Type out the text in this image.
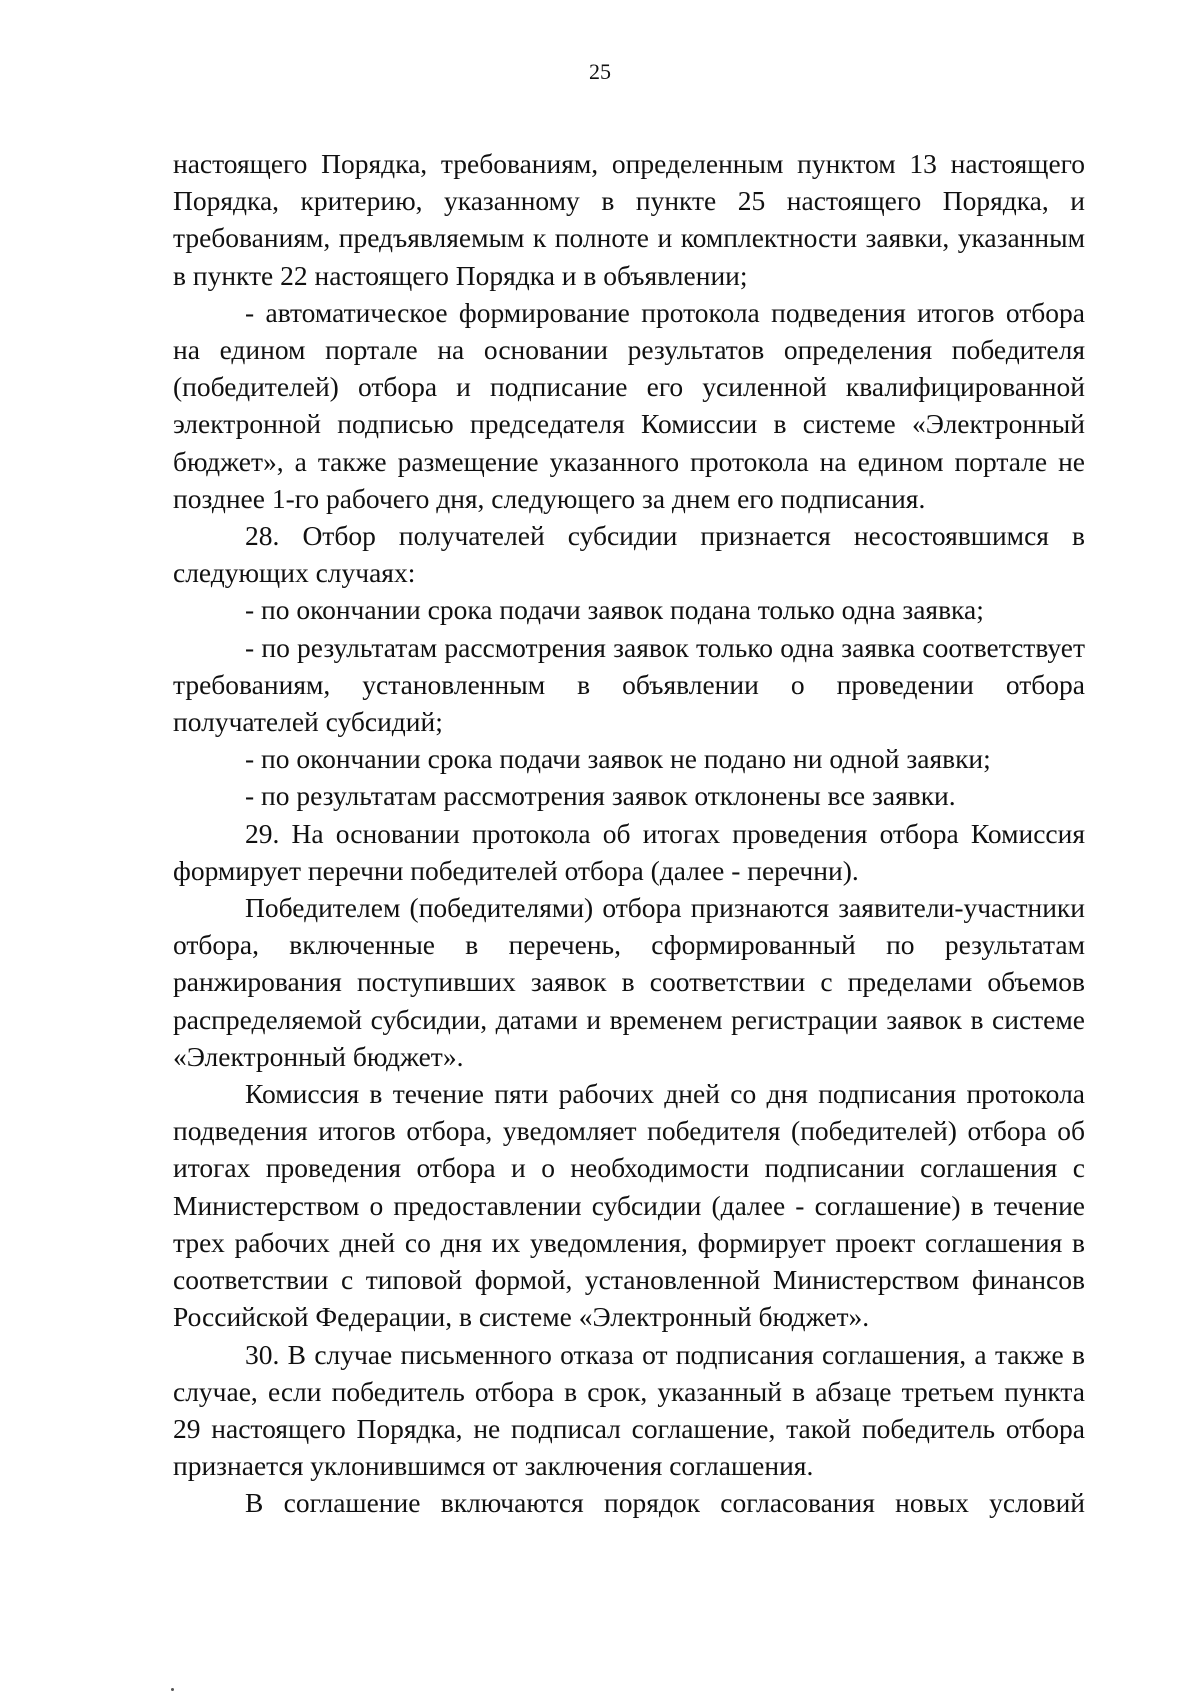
25

настоящего Порядка, требованиям, определенным пунктом 13 настоящего Порядка, критерию, указанному в пункте 25 настоящего Порядка, и требованиям, предъявляемым к полноте и комплектности заявки, указанным в пункте 22 настоящего Порядка и в объявлении;

- автоматическое формирование протокола подведения итогов отбора на едином портале на основании результатов определения победителя (победителей) отбора и подписание его усиленной квалифицированной электронной подписью председателя Комиссии в системе «Электронный бюджет», а также размещение указанного протокола на едином портале не позднее 1-го рабочего дня, следующего за днем его подписания.

28. Отбор получателей субсидии признается несостоявшимся в следующих случаях:

- по окончании срока подачи заявок подана только одна заявка;

- по результатам рассмотрения заявок только одна заявка соответствует требованиям, установленным в объявлении о проведении отбора получателей субсидий;

- по окончании срока подачи заявок не подано ни одной заявки;

- по результатам рассмотрения заявок отклонены все заявки.

29. На основании протокола об итогах проведения отбора Комиссия формирует перечни победителей отбора (далее - перечни).

Победителем (победителями) отбора признаются заявители-участники отбора, включенные в перечень, сформированный по результатам ранжирования поступивших заявок в соответствии с пределами объемов распределяемой субсидии, датами и временем регистрации заявок в системе «Электронный бюджет».

Комиссия в течение пяти рабочих дней со дня подписания протокола подведения итогов отбора, уведомляет победителя (победителей) отбора об итогах проведения отбора и о необходимости подписании соглашения с Министерством о предоставлении субсидии (далее - соглашение) в течение трех рабочих дней со дня их уведомления, формирует проект соглашения в соответствии с типовой формой, установленной Министерством финансов Российской Федерации, в системе «Электронный бюджет».

30. В случае письменного отказа от подписания соглашения, а также в случае, если победитель отбора в срок, указанный в абзаце третьем пункта 29 настоящего Порядка, не подписал соглашение, такой победитель отбора признается уклонившимся от заключения соглашения.

В соглашение включаются порядок согласования новых условий
